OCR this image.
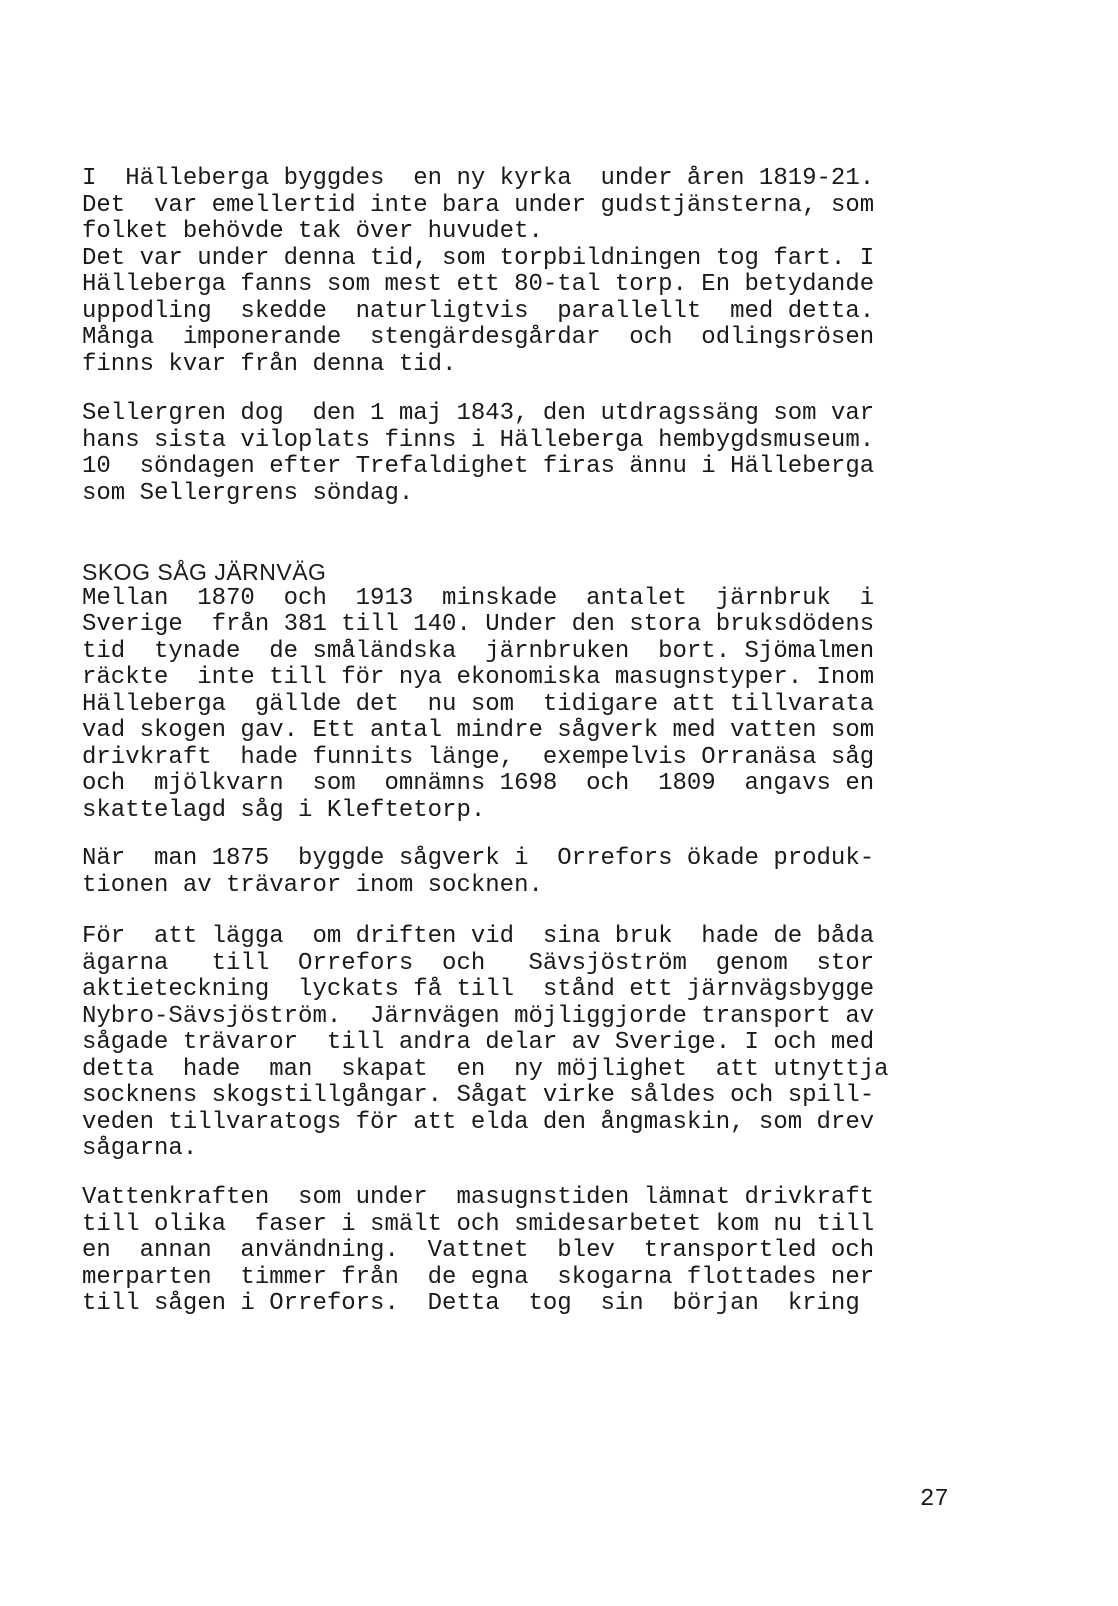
I  Hälleberga byggdes  en ny kyrka  under åren 1819-21.
Det  var emellertid inte bara under gudstjänsterna, som
folket behövde tak över huvudet.
Det var under denna tid, som torpbildningen tog fart. I
Hälleberga fanns som mest ett 80-tal torp. En betydande
uppodling  skedde  naturligtvis  parallellt  med detta.
Många  imponerande  stengärdesgårdar  och  odlingsrösen
finns kvar från denna tid.
Sellergren dog  den 1 maj 1843, den utdragssäng som var
hans sista viloplats finns i Hälleberga hembygdsmuseum.
10  söndagen efter Trefaldighet firas ännu i Hälleberga
som Sellergrens söndag.
SKOG SÅG JÄRNVÄG
Mellan  1870  och  1913  minskade  antalet  järnbruk  i
Sverige  från 381 till 140. Under den stora bruksdödens
tid  tynade  de småländska  järnbruken  bort. Sjömalmen
räckte  inte till för nya ekonomiska masugnstyper. Inom
Hälleberga  gällde det  nu som  tidigare att tillvarata
vad skogen gav. Ett antal mindre sågverk med vatten som
drivkraft  hade funnits länge,  exempelvis Orranäsa såg
och  mjölkvarn  som  omnämns 1698  och  1809  angavs en
skattelagd såg i Kleftetorp.
När  man 1875  byggde sågverk i  Orrefors ökade produk-
tionen av trävaror inom socknen.
För  att lägga  om driften vid  sina bruk  hade de båda
ägarna   till  Orrefors  och   Sävsjöström  genom  stor
aktieteckning  lyckats få till  stånd ett järnvägsbygge
Nybro-Sävsjöström.  Järnvägen möjliggjorde transport av
sågade trävaror  till andra delar av Sverige. I och med
detta  hade  man  skapat  en  ny möjlighet  att utnyttja
socknens skogstillgångar. Sågat virke såldes och spill-
veden tillvaratogs för att elda den ångmaskin, som drev
sågarna.
Vattenkraften  som under  masugnstiden lämnat drivkraft
till olika  faser i smält och smidesarbetet kom nu till
en  annan  användning.  Vattnet  blev  transportled och
merparten  timmer från  de egna  skogarna flottades ner
till sågen i Orrefors.  Detta  tog  sin  början  kring
27
